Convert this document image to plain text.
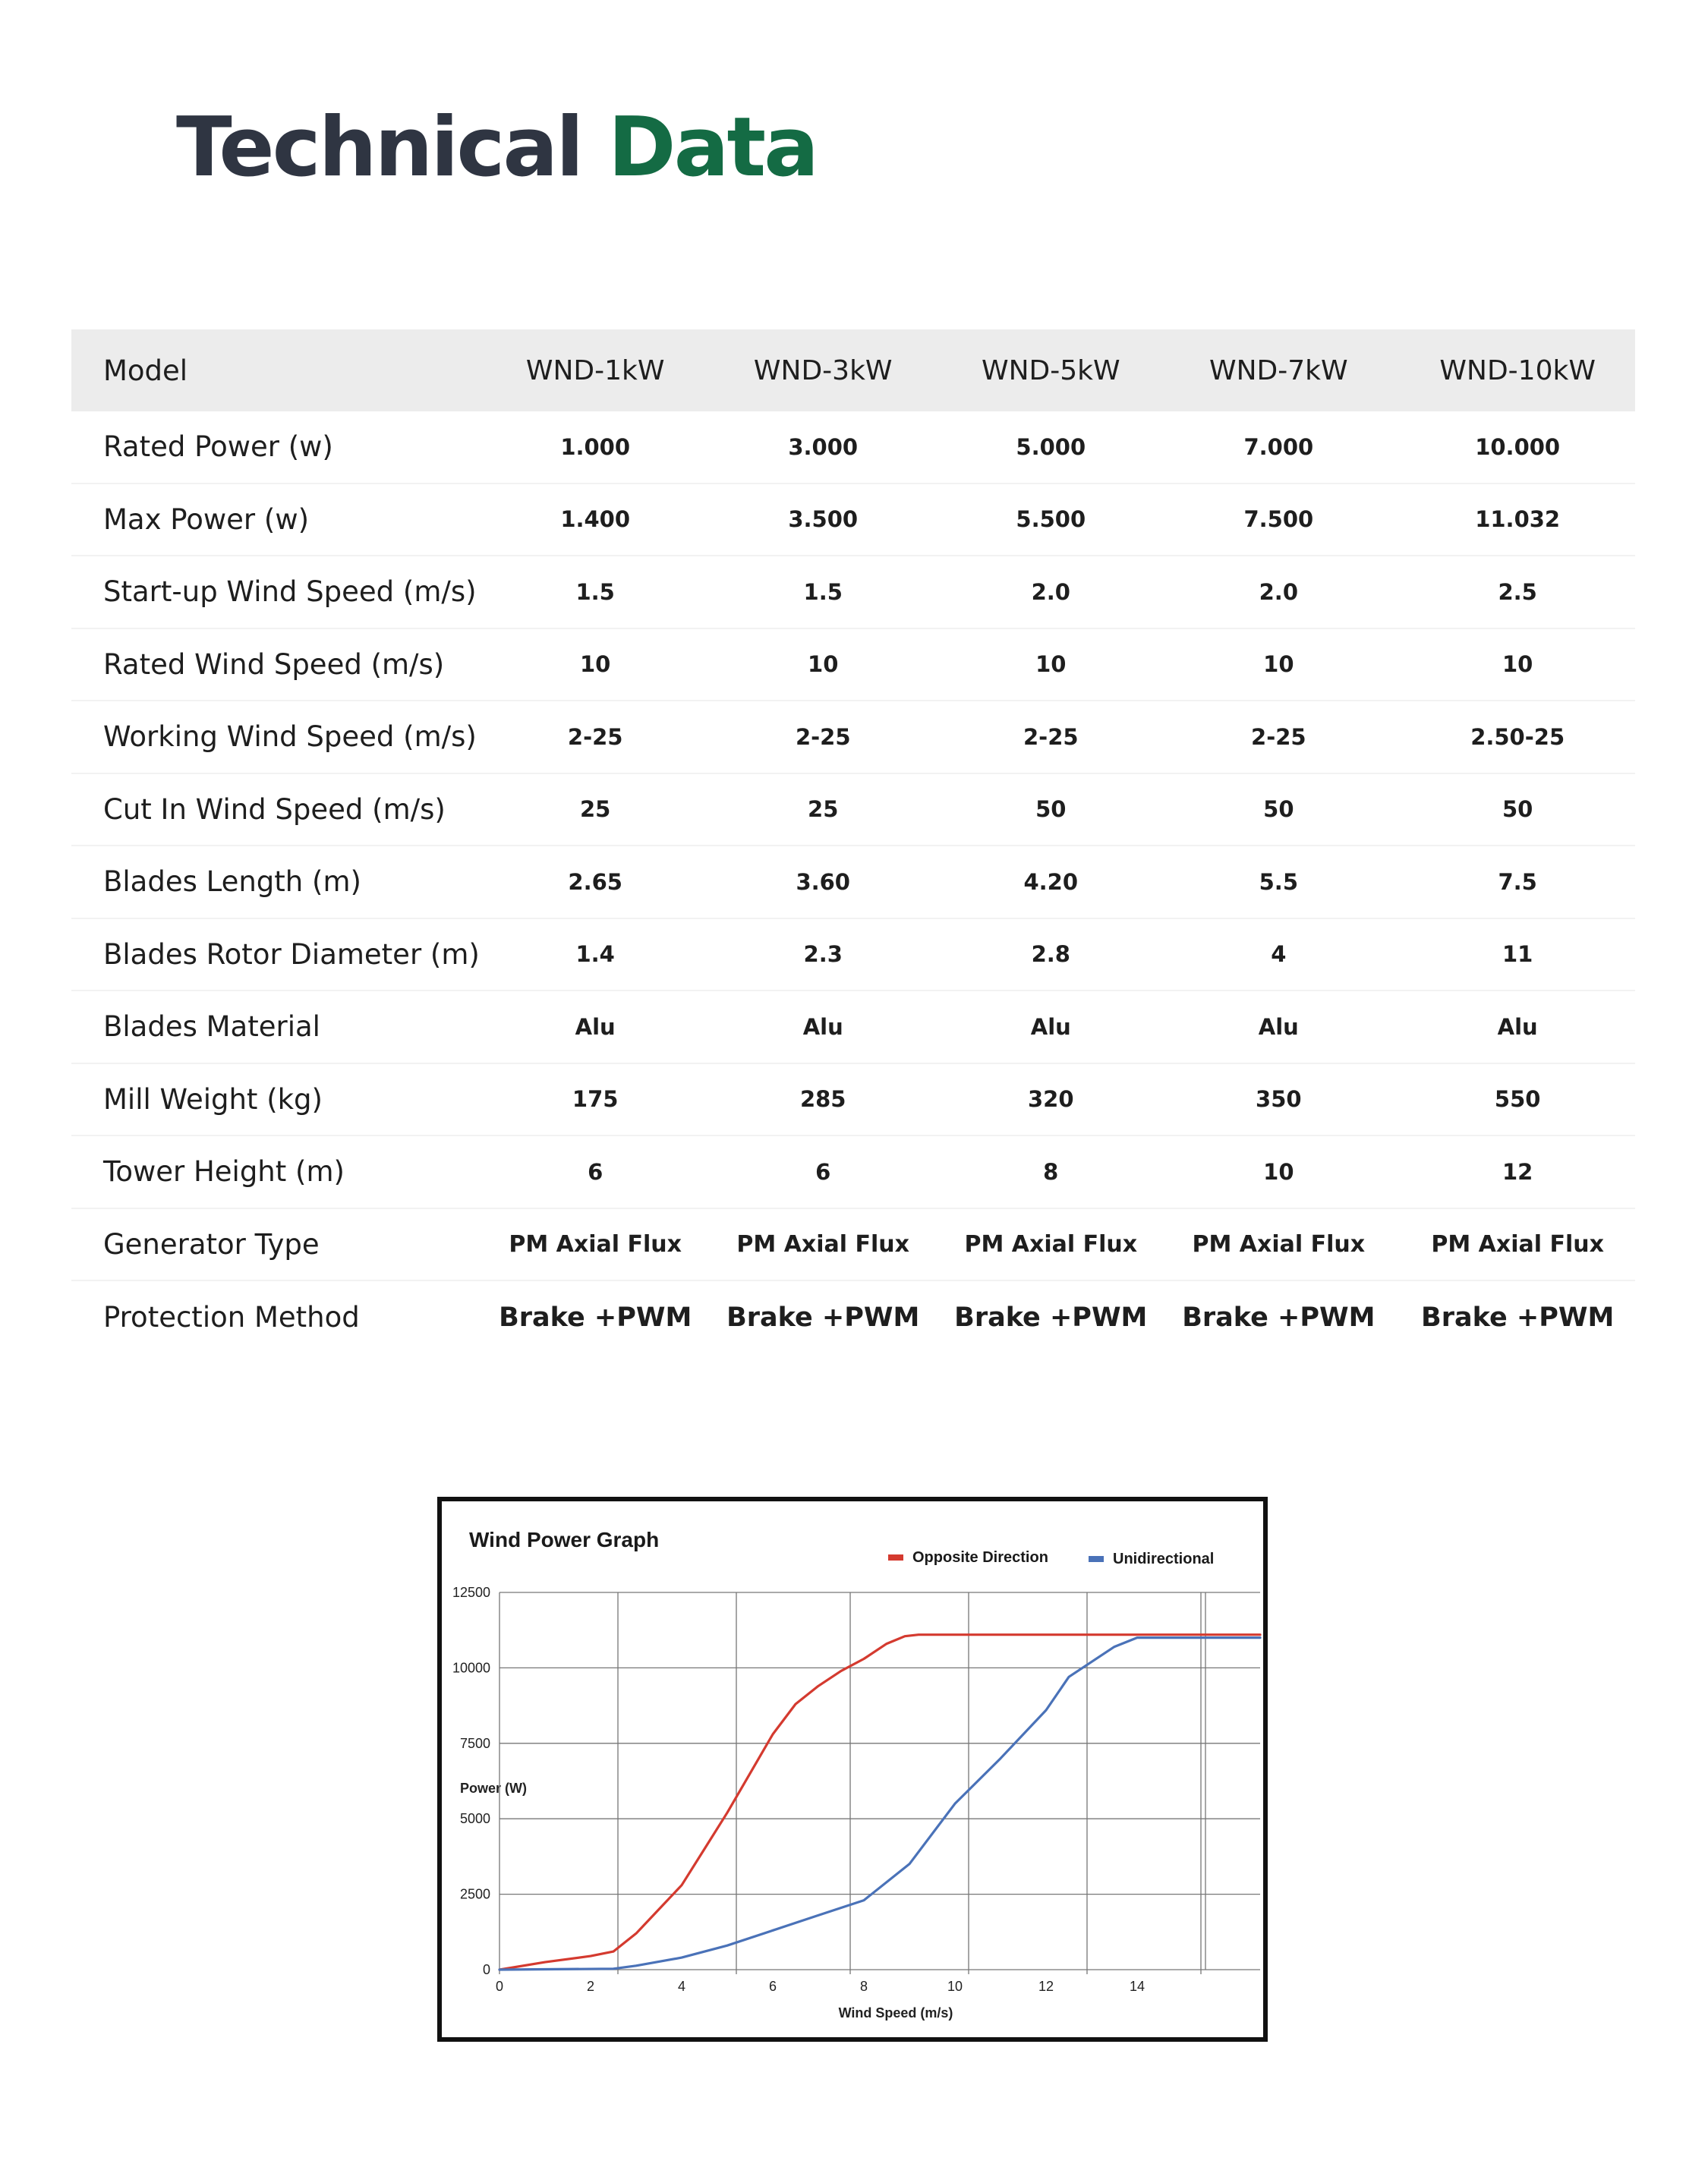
Technical Data
Model	WND-1kW	WND-3kW	WND-5kW	WND-7kW	WND-10kW
Rated Power (w)	1.000	3.000	5.000	7.000	10.000
Max Power (w)	1.400	3.500	5.500	7.500	11.032
Start-up Wind Speed (m/s)	1.5	1.5	2.0	2.0	2.5
Rated Wind Speed (m/s)	10	10	10	10	10
Working Wind Speed (m/s)	2-25	2-25	2-25	2-25	2.50-25
Cut In Wind Speed (m/s)	25	25	50	50	50
Blades Length (m)	2.65	3.60	4.20	5.5	7.5
Blades Rotor Diameter (m)	1.4	2.3	2.8	4	11
Blades Material	Alu	Alu	Alu	Alu	Alu
Mill Weight (kg)	175	285	320	350	550
Tower Height (m)	6	6	8	10	12
Generator Type	PM Axial Flux	PM Axial Flux	PM Axial Flux	PM Axial Flux	PM Axial Flux
Protection Method	Brake +PWM	Brake +PWM	Brake +PWM	Brake +PWM	Brake +PWM
Wind Power Graph
Opposite Direction	Unidirectional
Power (W)
Wind Speed (m/s)
0
2500
5000
7500
10000
12500
0	2	4	6	8	10	12	14
